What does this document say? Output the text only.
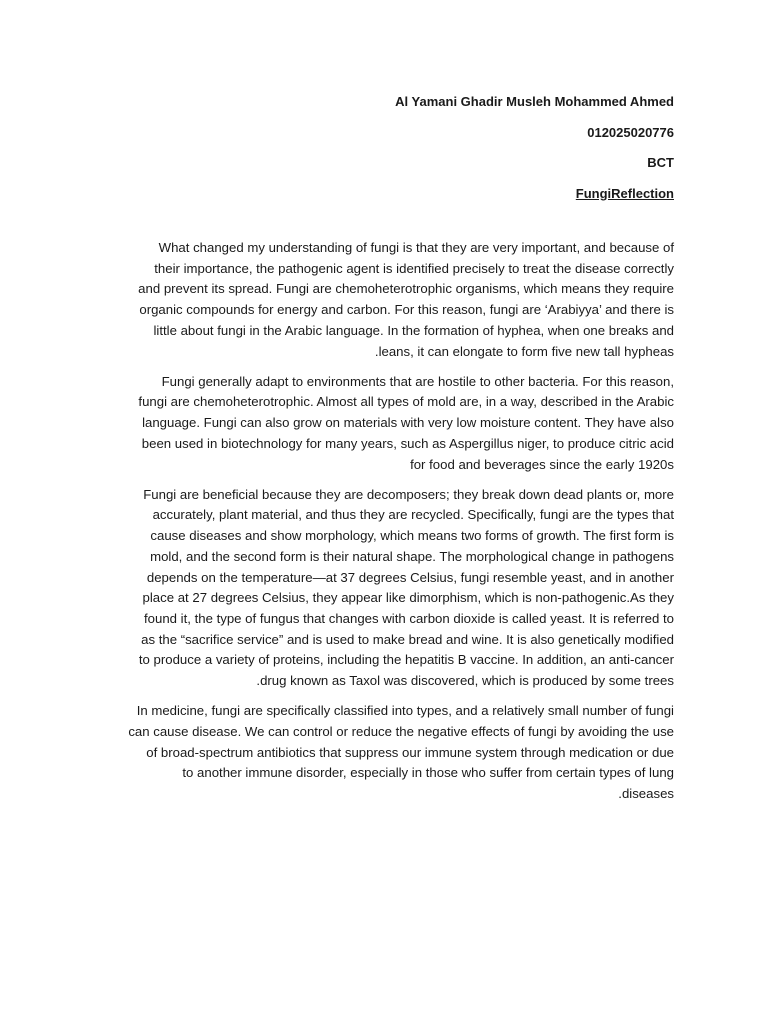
Al Yamani Ghadir Musleh Mohammed Ahmed
012025020776
BCT
FungiReflection
What changed my understanding of fungi is that they are very important, and because of
their importance, the pathogenic agent is identified precisely to treat the disease correctly
and prevent its spread. Fungi are chemoheterotrophic organisms, which means they require
organic compounds for energy and carbon. For this reason, fungi are ‘Arabiyya’ and there is
little about fungi in the Arabic language. In the formation of hyphea, when one breaks and
.leans, it can elongate to form five new tall hypheas
Fungi generally adapt to environments that are hostile to other bacteria. For this reason,
fungi are chemoheterotrophic. Almost all types of mold are, in a way, described in the Arabic
language. Fungi can also grow on materials with very low moisture content. They have also
been used in biotechnology for many years, such as Aspergillus niger, to produce citric acid
for food and beverages since the early 1920s
Fungi are beneficial because they are decomposers; they break down dead plants or, more
accurately, plant material, and thus they are recycled. Specifically, fungi are the types that
cause diseases and show morphology, which means two forms of growth. The first form is
mold, and the second form is their natural shape. The morphological change in pathogens
depends on the temperature—at 37 degrees Celsius, fungi resemble yeast, and in another
place at 27 degrees Celsius, they appear like dimorphism, which is non-pathogenic.As they
found it, the type of fungus that changes with carbon dioxide is called yeast. It is referred to
as the “sacrifice service” and is used to make bread and wine. It is also genetically modified
to produce a variety of proteins, including the hepatitis B vaccine. In addition, an anti-cancer
.drug known as Taxol was discovered, which is produced by some trees
In medicine, fungi are specifically classified into types, and a relatively small number of fungi
can cause disease. We can control or reduce the negative effects of fungi by avoiding the use
of broad-spectrum antibiotics that suppress our immune system through medication or due
to another immune disorder, especially in those who suffer from certain types of lung
.diseases
